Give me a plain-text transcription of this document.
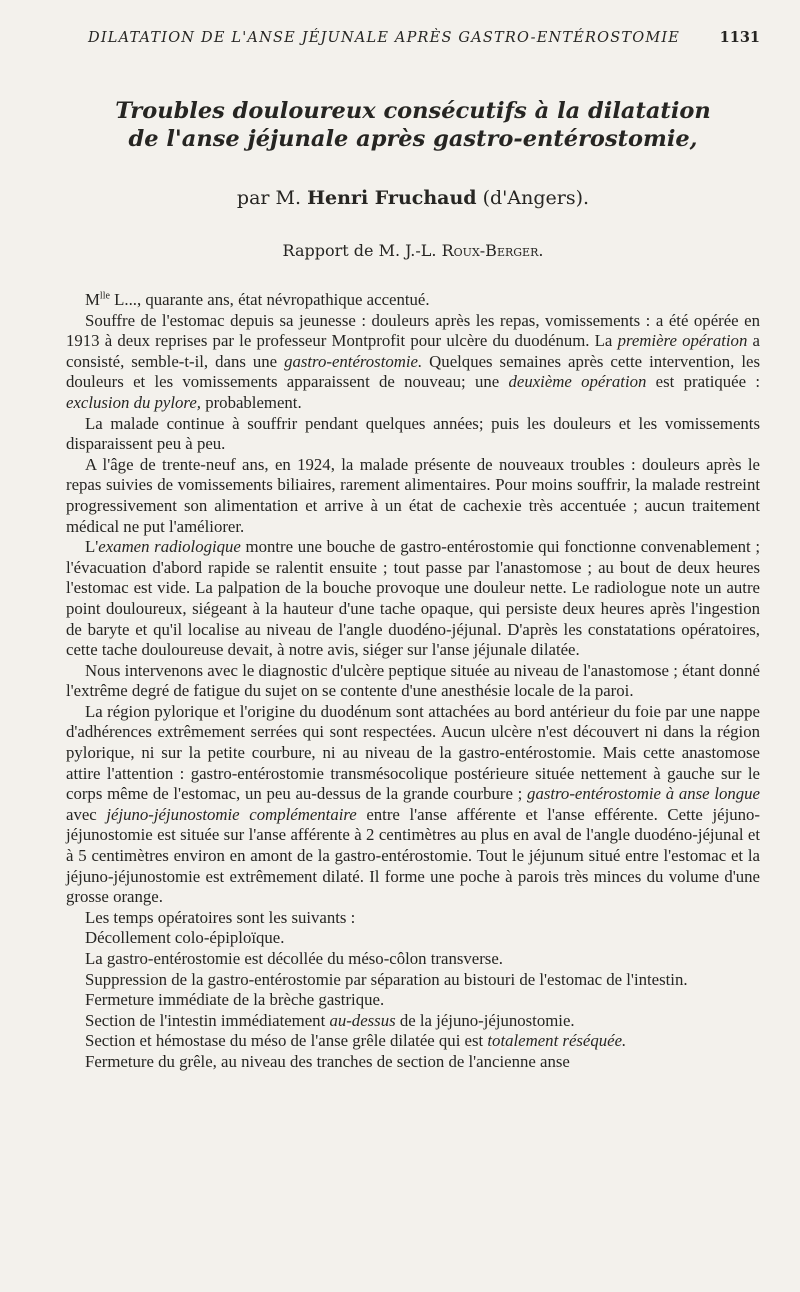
DILATATION DE L'ANSE JÉJUNALE APRÈS GASTRO-ENTÉROSTOMIE	1131
Troubles douloureux consécutifs à la dilatation
de l'anse jéjunale après gastro-entérostomie,
par M. Henri Fruchaud (d'Angers).
Rapport de M. J.-L. Roux-Berger.

$M^{lle}$ L..., quarante ans, état névropathique accentué.

Souffre de l'estomac depuis sa jeunesse : douleurs après les repas, vomissements : a été opérée en 1913 à deux reprises par le professeur Montprofit pour ulcère du duodénum. La première opération a consisté, semble-t-il, dans une gastro-entérostomie. Quelques semaines après cette intervention, les douleurs et les vomissements apparaissent de nouveau; une deuxième opération est pratiquée : exclusion du pylore, probablement.

La malade continue à souffrir pendant quelques années; puis les douleurs et les vomissements disparaissent peu à peu.

A l'âge de trente-neuf ans, en 1924, la malade présente de nouveaux troubles : douleurs après le repas suivies de vomissements biliaires, rarement alimentaires. Pour moins souffrir, la malade restreint progressivement son alimentation et arrive à un état de cachexie très accentuée ; aucun traitement médical ne put l'améliorer.

L'examen radiologique montre une bouche de gastro-entérostomie qui fonctionne convenablement ; l'évacuation d'abord rapide se ralentit ensuite ; tout passe par l'anastomose ; au bout de deux heures l'estomac est vide. La palpation de la bouche provoque une douleur nette. Le radiologue note un autre point douloureux, siégeant à la hauteur d'une tache opaque, qui persiste deux heures après l'ingestion de baryte et qu'il localise au niveau de l'angle duodéno-jéjunal. D'après les constatations opératoires, cette tache douloureuse devait, à notre avis, siéger sur l'anse jéjunale dilatée.

Nous intervenons avec le diagnostic d'ulcère peptique située au niveau de l'anastomose ; étant donné l'extrême degré de fatigue du sujet on se contente d'une anesthésie locale de la paroi.

La région pylorique et l'origine du duodénum sont attachées au bord antérieur du foie par une nappe d'adhérences extrêmement serrées qui sont respectées. Aucun ulcère n'est découvert ni dans la région pylorique, ni sur la petite courbure, ni au niveau de la gastro-entérostomie. Mais cette anastomose attire l'attention : gastro-entérostomie transmésocolique postérieure située nettement à gauche sur le corps même de l'estomac, un peu au-dessus de la grande courbure ; gastro-entérostomie à anse longue avec jéjuno-jéjunostomie complémentaire entre l'anse afférente et l'anse efférente. Cette jéjuno-jéjunostomie est située sur l'anse afférente à 2 centimètres au plus en aval de l'angle duodéno-jéjunal et à 5 centimètres environ en amont de la gastro-entérostomie. Tout le jéjunum situé entre l'estomac et la jéjuno-jéjunostomie est extrêmement dilaté. Il forme une poche à parois très minces du volume d'une grosse orange.

Les temps opératoires sont les suivants :

Décollement colo-épiploïque.

La gastro-entérostomie est décollée du méso-côlon transverse.

Suppression de la gastro-entérostomie par séparation au bistouri de l'estomac de l'intestin.

Fermeture immédiate de la brèche gastrique.

Section de l'intestin immédiatement au-dessus de la jéjuno-jéjunostomie.

Section et hémostase du méso de l'anse grêle dilatée qui est totalement réséquée.

Fermeture du grêle, au niveau des tranches de section de l'ancienne anse
